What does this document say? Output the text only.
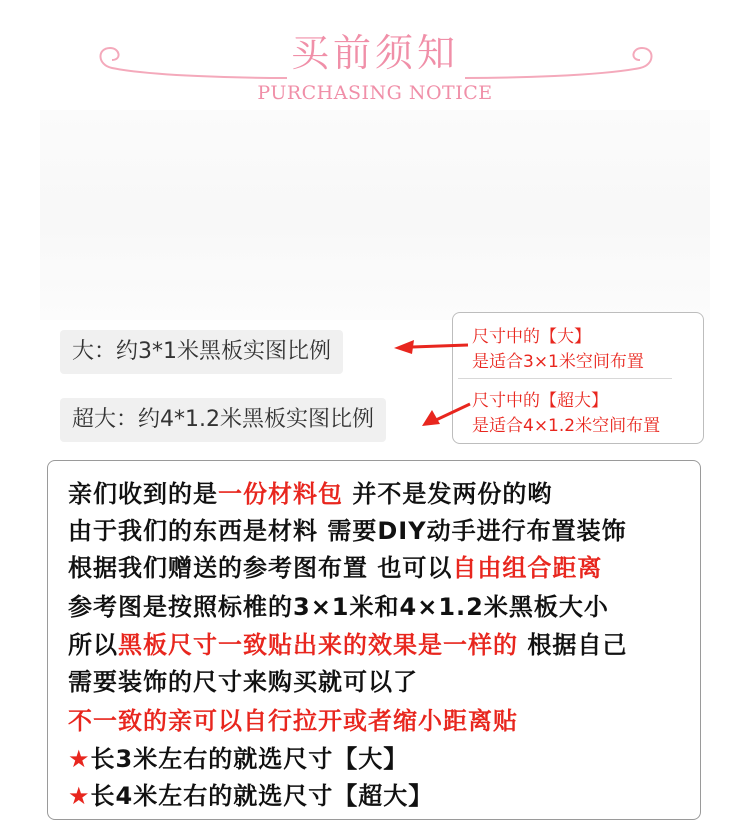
买前须知
PURCHASING NOTICE
大：约3*1米黑板实图比例
超大：约4*1.2米黑板实图比例
尺寸中的【大】
是适合3×1米空间布置
尺寸中的【超大】
是适合4×1.2米空间布置
亲们收到的是一份材料包 并不是发两份的哟
由于我们的东西是材料 需要DIY动手进行布置装饰
根据我们赠送的参考图布置 也可以自由组合距离
参考图是按照标椎的3×1米和4×1.2米黑板大小
所以黑板尺寸一致贴出来的效果是一样的 根据自己
需要装饰的尺寸来购买就可以了
不一致的亲可以自行拉开或者缩小距离贴
★长3米左右的就选尺寸【大】
★长4米左右的就选尺寸【超大】
